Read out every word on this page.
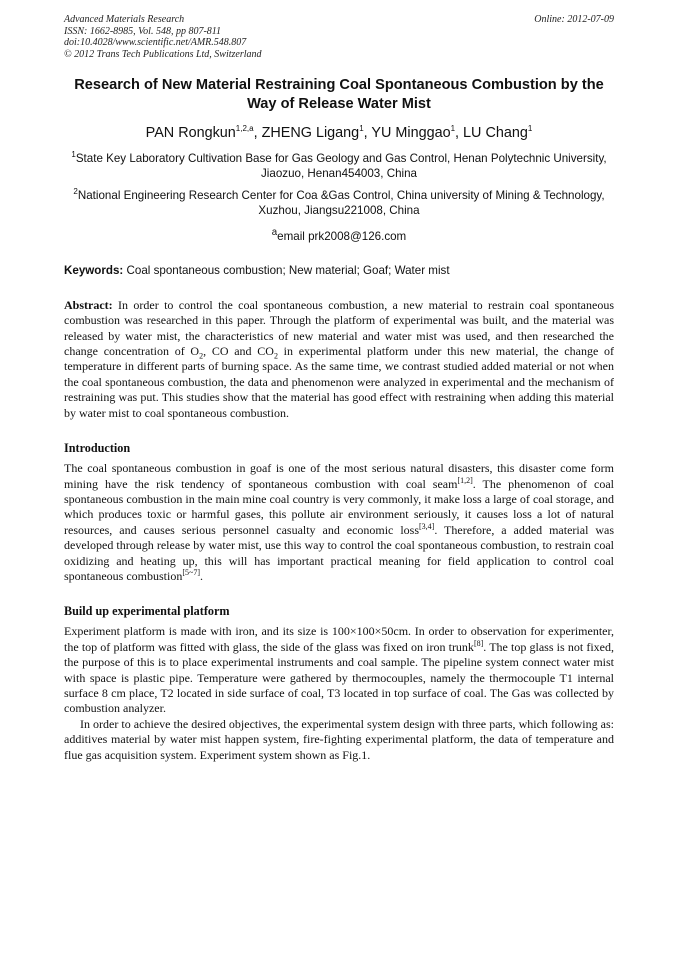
Advanced Materials Research
ISSN: 1662-8985, Vol. 548, pp 807-811
doi:10.4028/www.scientific.net/AMR.548.807
© 2012 Trans Tech Publications Ltd, Switzerland
Online: 2012-07-09
Research of New Material Restraining Coal Spontaneous Combustion by the Way of Release Water Mist
PAN Rongkun$^{1,2,a}$, ZHENG Ligang$^1$, YU Minggao$^1$, LU Chang$^1$
$^1$State Key Laboratory Cultivation Base for Gas Geology and Gas Control, Henan Polytechnic University, Jiaozuo, Henan454003, China
$^2$National Engineering Research Center for Coa &Gas Control, China university of Mining & Technology, Xuzhou, Jiangsu221008, China
$^a$email prk2008@126.com
Keywords: Coal spontaneous combustion; New material; Goaf; Water mist
Abstract: In order to control the coal spontaneous combustion, a new material to restrain coal spontaneous combustion was researched in this paper. Through the platform of experimental was built, and the material was released by water mist, the characteristics of new material and water mist was used, and then researched the change concentration of $O_2$, CO and $CO_2$ in experimental platform under this new material, the change of temperature in different parts of burning space. As the same time, we contrast studied added material or not when the coal spontaneous combustion, the data and phenomenon were analyzed in experimental and the mechanism of restraining was put. This studies show that the material has good effect with restraining when adding this material by water mist to coal spontaneous combustion.
Introduction
The coal spontaneous combustion in goaf is one of the most serious natural disasters, this disaster come form mining have the risk tendency of spontaneous combustion with coal seam[1,2]. The phenomenon of coal spontaneous combustion in the main mine coal country is very commonly, it make loss a large of coal storage, and which produces toxic or harmful gases, this pollute air environment seriously, it causes loss a lot of natural resources, and causes serious personnel casualty and economic loss[3,4]. Therefore, a added material was developed through release by water mist, use this way to control the coal spontaneous combustion, to restrain coal oxidizing and heating up, this will has important practical meaning for field application to control coal spontaneous combustion[5~7].
Build up experimental platform
Experiment platform is made with iron, and its size is 100×100×50cm. In order to observation for experimenter, the top of platform was fitted with glass, the side of the glass was fixed on iron trunk[8]. The top glass is not fixed, the purpose of this is to place experimental instruments and coal sample. The pipeline system connect water mist with space is plastic pipe. Temperature were gathered by thermocouples, namely the thermocouple T1 internal surface 8 cm place, T2 located in side surface of coal, T3 located in top surface of coal. The Gas was collected by combustion analyzer.
In order to achieve the desired objectives, the experimental system design with three parts, which following as: additives material by water mist happen system, fire-fighting experimental platform, the data of temperature and flue gas acquisition system. Experiment system shown as Fig.1.
